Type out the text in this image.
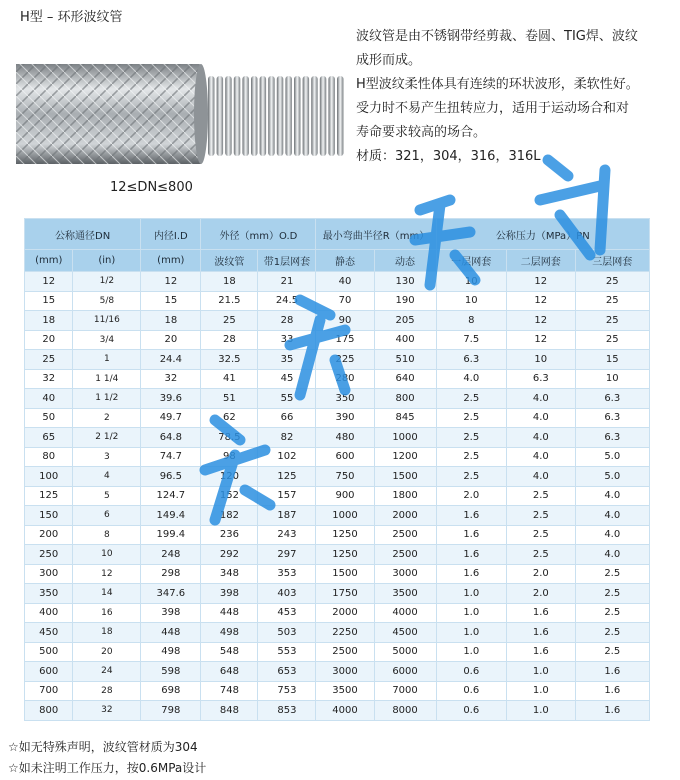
H型 – 环形波纹管
12≤DN≤800

波纹管是由不锈钢带经剪裁、卷圆、TIG焊、波纹

成形而成。

H型波纹柔性体具有连续的环状波形，柔软性好。

受力时不易产生扭转应力，适用于运动场合和对

寿命要求较高的场合。

材质：321，304，316，316L

公称通径DN		内径I.D	外径（mm）O.D		最小弯曲半径R（mm）		公称压力（MPa）PN		
(mm)	(in)	(mm)	波纹管	带1层网套	静态	动态	一层网套	二层网套	三层网套
12	1/2	12	18	21	40	130	10	12	25
15	5/8	15	21.5	24.5	70	190	10	12	25
18	11/16	18	25	28	90	205	8	12	25
20	3/4	20	28	33	175	400	7.5	12	25
25	1	24.4	32.5	35	225	510	6.3	10	15
32	1 1/4	32	41	45	280	640	4.0	6.3	10
40	1 1/2	39.6	51	55	350	800	2.5	4.0	6.3
50	2	49.7	62	66	390	845	2.5	4.0	6.3
65	2 1/2	64.8	78.5	82	480	1000	2.5	4.0	6.3
80	3	74.7	98	102	600	1200	2.5	4.0	5.0
100	4	96.5	120	125	750	1500	2.5	4.0	5.0
125	5	124.7	152	157	900	1800	2.0	2.5	4.0
150	6	149.4	182	187	1000	2000	1.6	2.5	4.0
200	8	199.4	236	243	1250	2500	1.6	2.5	4.0
250	10	248	292	297	1250	2500	1.6	2.5	4.0
300	12	298	348	353	1500	3000	1.6	2.0	2.5
350	14	347.6	398	403	1750	3500	1.0	2.0	2.5
400	16	398	448	453	2000	4000	1.0	1.6	2.5
450	18	448	498	503	2250	4500	1.0	1.6	2.5
500	20	498	548	553	2500	5000	1.0	1.6	2.5
600	24	598	648	653	3000	6000	0.6	1.0	1.6
700	28	698	748	753	3500	7000	0.6	1.0	1.6
800	32	798	848	853	4000	8000	0.6	1.0	1.6
☆如无特殊声明，波纹管材质为304
☆如未注明工作压力，按0.6MPa设计
